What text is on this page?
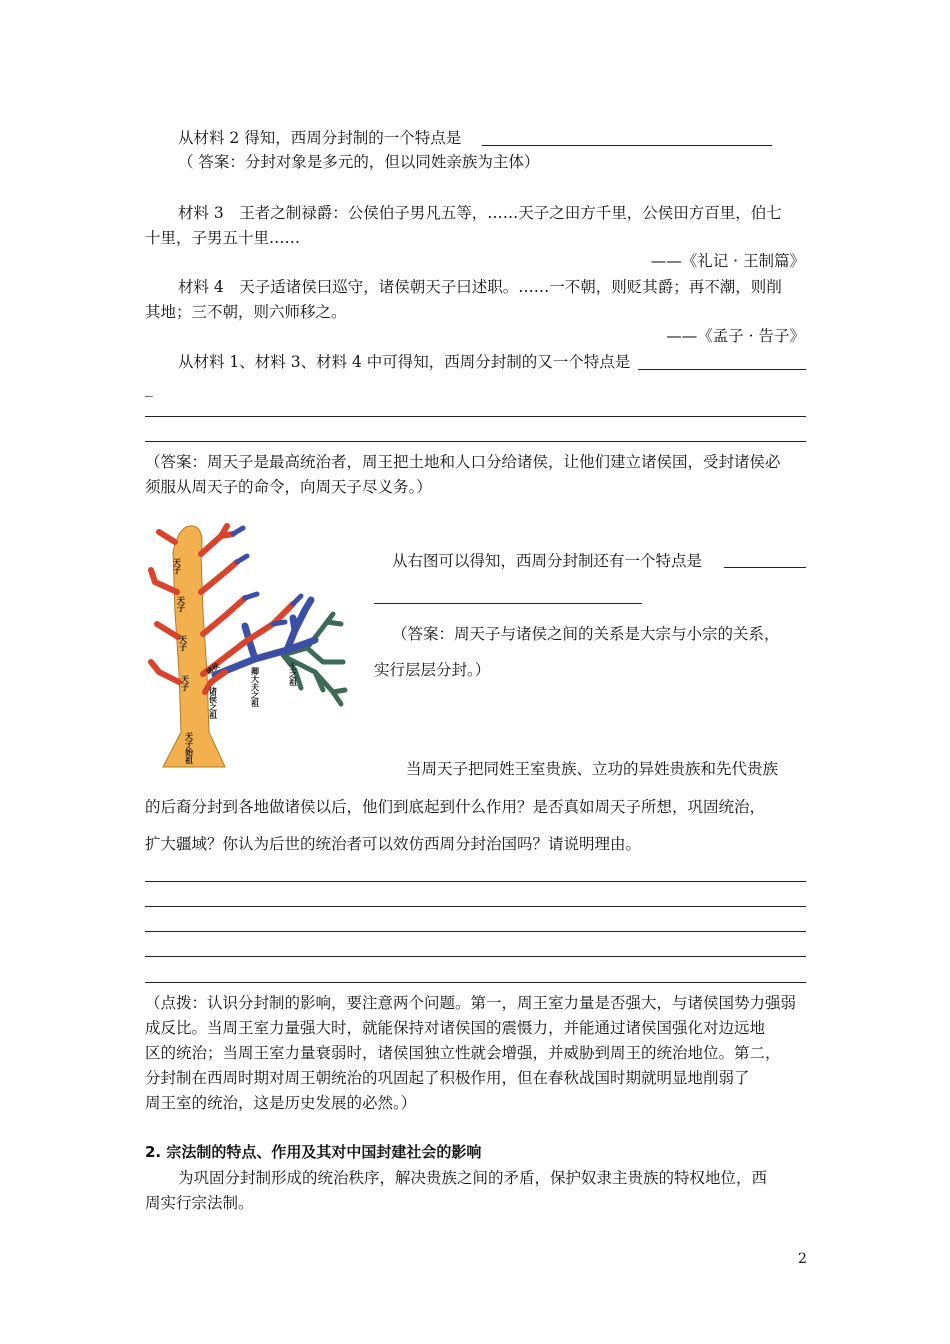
从材料 2 得知，西周分封制的一个特点是
（ 答案：分封对象是多元的，但以同姓亲族为主体）
材料 3　王者之制禄爵：公侯伯子男凡五等，……天子之田方千里，公侯田方百里，伯七
十里，子男五十里……
——《礼记 · 王制篇》
材料 4　天子适诸侯曰巡守，诸侯朝天子曰述职。……一不朝，则贬其爵；再不潮，则削
其地；三不朝，则六师移之。
——《孟子 · 告子》
从材料 1、材料 3、材料 4 中可得知，西周分封制的又一个特点是
_
（答案：周天子是最高统治者，周王把土地和人口分给诸侯，让他们建立诸侯国，受封诸侯必
须服从周天子的命令，向周天子尽义务。）
天子
天子
天子
天子
天子始祖
诸侯之祖	卿大夫之祖	士之祖
诸侯
从右图可以得知，西周分封制还有一个特点是
（答案：周天子与诸侯之间的关系是大宗与小宗的关系，
实行层层分封。）
当周天子把同姓王室贵族、立功的异姓贵族和先代贵族
的后裔分封到各地做诸侯以后，他们到底起到什么作用？是否真如周天子所想，巩固统治，
扩大疆域？你认为后世的统治者可以效仿西周分封治国吗？请说明理由。
（点拨：认识分封制的影响，要注意两个问题。第一，周王室力量是否强大，与诸侯国势力强弱
成反比。当周王室力量强大时，就能保持对诸侯国的震慑力，并能通过诸侯国强化对边远地
区的统治；当周王室力量衰弱时，诸侯国独立性就会增强，并威胁到周王的统治地位。第二，
分封制在西周时期对周王朝统治的巩固起了积极作用，但在春秋战国时期就明显地削弱了
周王室的统治，这是历史发展的必然。）
2. 宗法制的特点、作用及其对中国封建社会的影响
为巩固分封制形成的统治秩序，解决贵族之间的矛盾，保护奴隶主贵族的特权地位，西
周实行宗法制。
2
